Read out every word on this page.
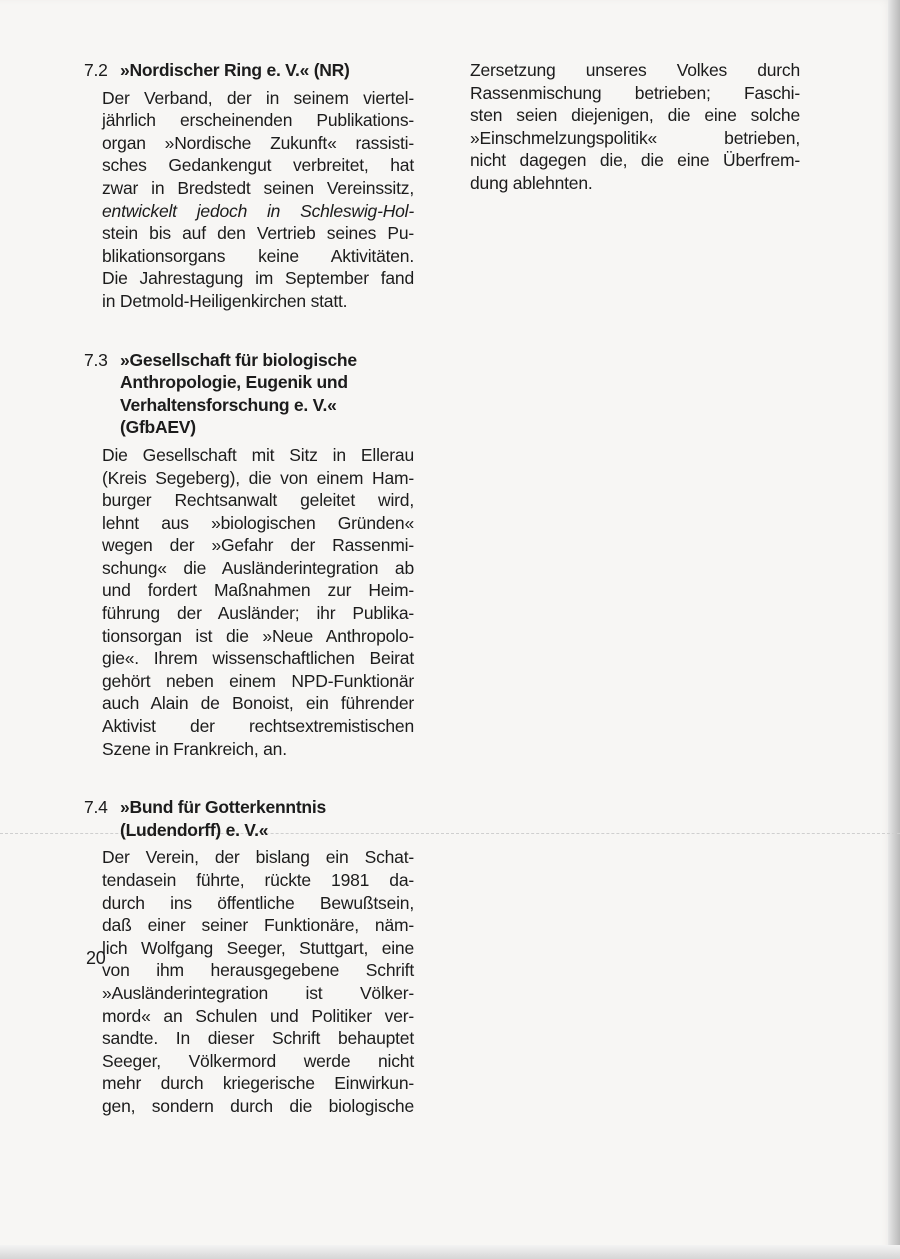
7.2 »Nordischer Ring e. V.« (NR)

Der Verband, der in seinem viertel-
jährlich erscheinenden Publikations-
organ »Nordische Zukunft« rassisti-
sches Gedankengut verbreitet, hat
zwar in Bredstedt seinen Vereinssitz,
entwickelt jedoch in Schleswig-Hol-
stein bis auf den Vertrieb seines Pu-
blikationsorgans keine Aktivitäten.
Die Jahrestagung im September fand
in Detmold-Heiligenkirchen statt.

7.3 »Gesellschaft für biologische
Anthropologie, Eugenik und
Verhaltensforschung e. V.«
(GfbAEV)

Die Gesellschaft mit Sitz in Ellerau
(Kreis Segeberg), die von einem Ham-
burger Rechtsanwalt geleitet wird,
lehnt aus »biologischen Gründen«
wegen der »Gefahr der Rassenmi-
schung« die Ausländerintegration ab
und fordert Maßnahmen zur Heim-
führung der Ausländer; ihr Publika-
tionsorgan ist die »Neue Anthropolo-
gie«. Ihrem wissenschaftlichen Beirat
gehört neben einem NPD-Funktionär
auch Alain de Bonoist, ein führender
Aktivist der rechtsextremistischen
Szene in Frankreich, an.

7.4 »Bund für Gotterkenntnis
(Ludendorff) e. V.«

Der Verein, der bislang ein Schat-
tendasein führte, rückte 1981 da-
durch ins öffentliche Bewußtsein,
daß einer seiner Funktionäre, näm-
lich Wolfgang Seeger, Stuttgart, eine
von ihm herausgegebene Schrift
»Ausländerintegration ist Völker-
mord« an Schulen und Politiker ver-
sandte. In dieser Schrift behauptet
Seeger, Völkermord werde nicht
mehr durch kriegerische Einwirkun-
gen, sondern durch die biologische

Zersetzung unseres Volkes durch
Rassenmischung betrieben; Faschi-
sten seien diejenigen, die eine solche
»Einschmelzungspolitik« betrieben,
nicht dagegen die, die eine Überfrem-
dung ablehnten.

20
